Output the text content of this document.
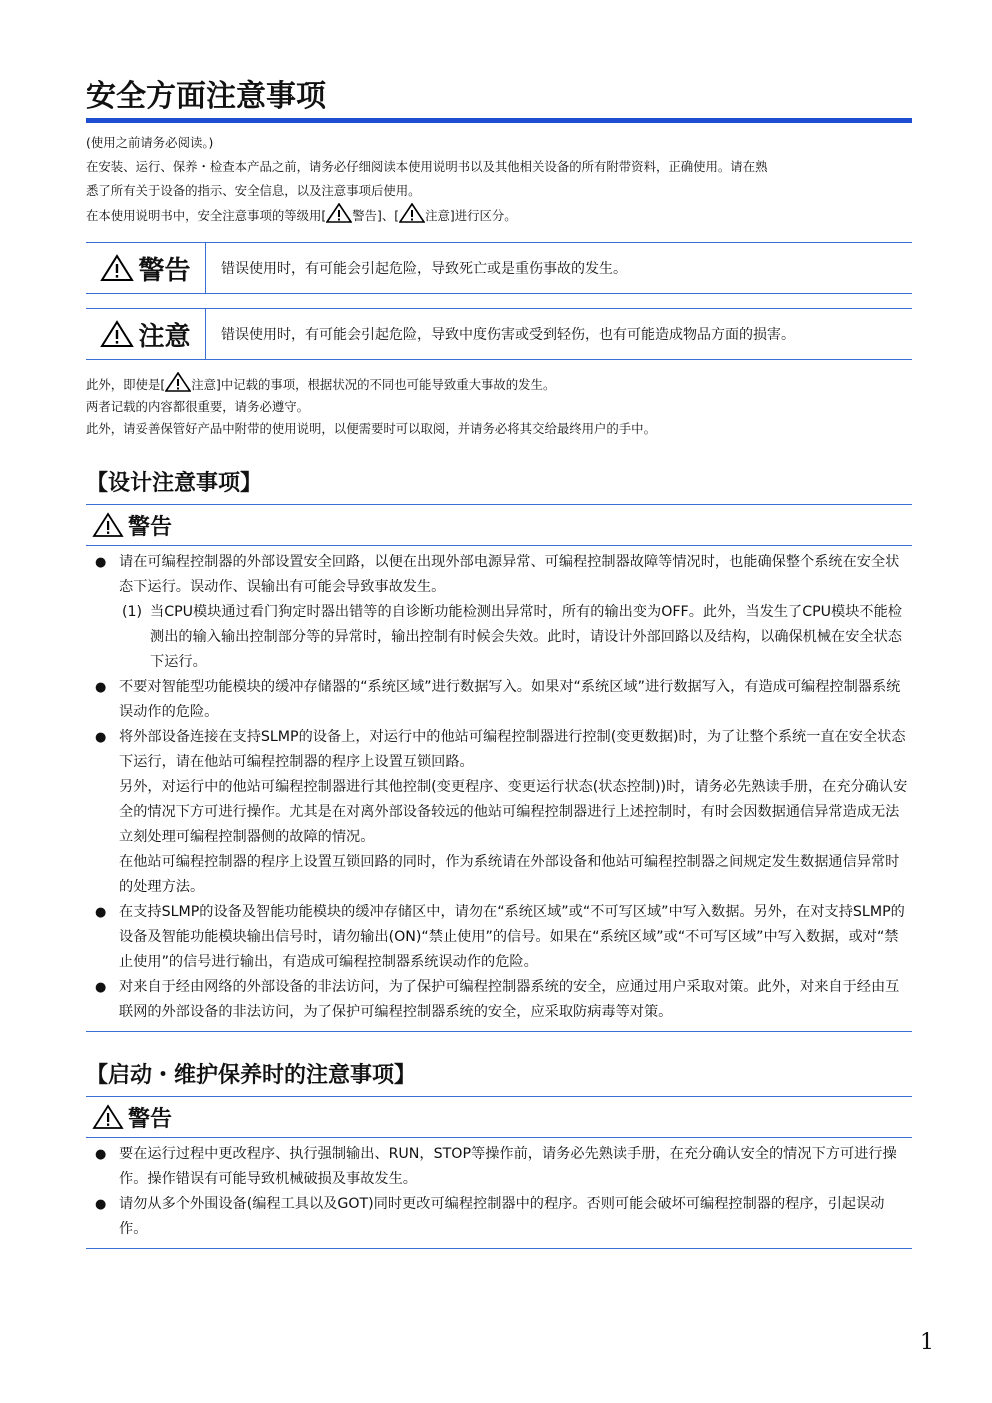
安全方面注意事项

(使用之前请务必阅读。)

在安装、运行、保养・检查本产品之前，请务必仔细阅读本使用说明书以及其他相关设备的所有附带资料，正确使用。请在熟

悉了所有关于设备的指示、安全信息，以及注意事项后使用。

在本使用说明书中，安全注意事项的等级用[ 警告]、[ 注意]进行区分。

警告	错误使用时，有可能会引起危险，导致死亡或是重伤事故的发生。
注意	错误使用时，有可能会引起危险，导致中度伤害或受到轻伤，也有可能造成物品方面的损害。

此外，即使是[ 注意]中记载的事项，根据状况的不同也可能导致重大事故的发生。

两者记载的内容都很重要，请务必遵守。

此外，请妥善保管好产品中附带的使用说明，以便需要时可以取阅，并请务必将其交给最终用户的手中。

【设计注意事项】
警告
● 请在可编程控制器的外部设置安全回路，以便在出现外部电源异常、可编程控制器故障等情况时，也能确保整个系统在安全状态下运行。误动作、误输出有可能会导致事故发生。

(1) 当CPU模块通过看门狗定时器出错等的自诊断功能检测出异常时，所有的输出变为OFF。此外，当发生了CPU模块不能检测出的输入输出控制部分等的异常时，输出控制有时候会失效。此时，请设计外部回路以及结构，以确保机械在安全状态下运行。

● 不要对智能型功能模块的缓冲存储器的“系统区域”进行数据写入。如果对“系统区域”进行数据写入，有造成可编程控制器系统误动作的危险。

● 将外部设备连接在支持SLMP的设备上，对运行中的他站可编程控制器进行控制(变更数据)时，为了让整个系统一直在安全状态下运行，请在他站可编程控制器的程序上设置互锁回路。

另外，对运行中的他站可编程控制器进行其他控制(变更程序、变更运行状态(状态控制))时，请务必先熟读手册，在充分确认安全的情况下方可进行操作。尤其是在对离外部设备较远的他站可编程控制器进行上述控制时，有时会因数据通信异常造成无法立刻处理可编程控制器侧的故障的情况。

在他站可编程控制器的程序上设置互锁回路的同时，作为系统请在外部设备和他站可编程控制器之间规定发生数据通信异常时的处理方法。

● 在支持SLMP的设备及智能功能模块的缓冲存储区中，请勿在“系统区域”或“不可写区域”中写入数据。另外，在对支持SLMP的设备及智能功能模块输出信号时，请勿输出(ON)“禁止使用”的信号。如果在“系统区域”或“不可写区域”中写入数据，或对“禁止使用”的信号进行输出，有造成可编程控制器系统误动作的危险。

● 对来自于经由网络的外部设备的非法访问，为了保护可编程控制器系统的安全，应通过用户采取对策。此外，对来自于经由互联网的外部设备的非法访问，为了保护可编程控制器系统的安全，应采取防病毒等对策。

【启动・维护保养时的注意事项】
警告
● 要在运行过程中更改程序、执行强制输出、RUN，STOP等操作前，请务必先熟读手册，在充分确认安全的情况下方可进行操作。操作错误有可能导致机械破损及事故发生。

● 请勿从多个外围设备(编程工具以及GOT)同时更改可编程控制器中的程序。否则可能会破坏可编程控制器的程序，引起误动作。

1
